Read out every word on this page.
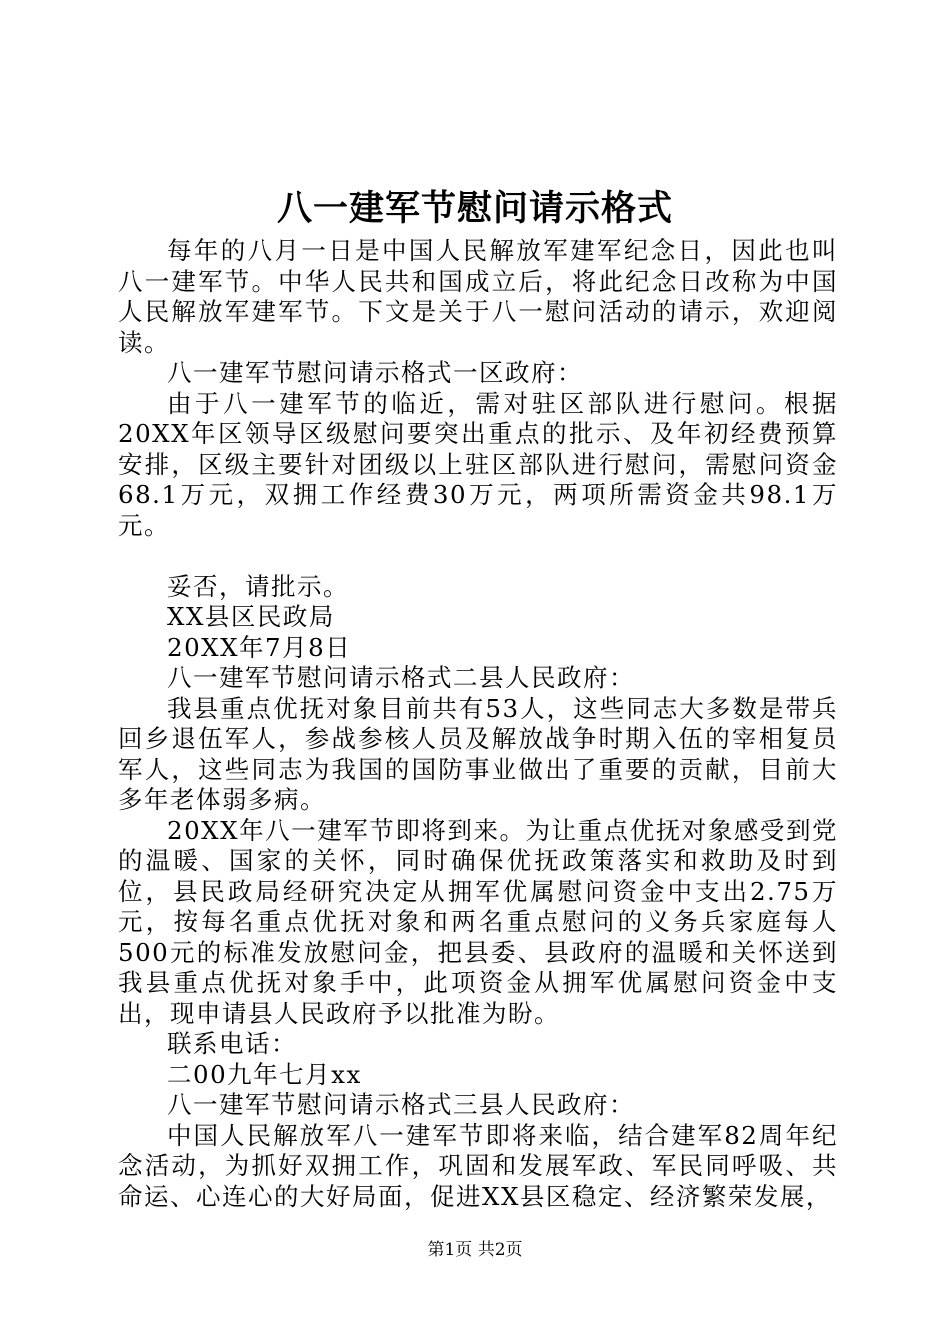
八一建军节慰问请示格式

每年的八月一日是中国人民解放军建军纪念日，因此也叫八一建军节。中华人民共和国成立后，将此纪念日改称为中国人民解放军建军节。下文是关于八一慰问活动的请示，欢迎阅读。

八一建军节慰问请示格式一区政府：

由于八一建军节的临近，需对驻区部队进行慰问。根据20XX年区领导区级慰问要突出重点的批示、及年初经费预算安排，区级主要针对团级以上驻区部队进行慰问，需慰问资金68.1万元，双拥工作经费30万元，两项所需资金共98.1万元。

妥否，请批示。

XX县区民政局

20XX年7月8日

八一建军节慰问请示格式二县人民政府：

我县重点优抚对象目前共有53人，这些同志大多数是带兵回乡退伍军人，参战参核人员及解放战争时期入伍的宰相复员军人，这些同志为我国的国防事业做出了重要的贡献，目前大多年老体弱多病。

20XX年八一建军节即将到来。为让重点优抚对象感受到党的温暖、国家的关怀，同时确保优抚政策落实和救助及时到位，县民政局经研究决定从拥军优属慰问资金中支出2.75万元，按每名重点优抚对象和两名重点慰问的义务兵家庭每人500元的标准发放慰问金，把县委、县政府的温暖和关怀送到我县重点优抚对象手中，此项资金从拥军优属慰问资金中支出，现申请县人民政府予以批准为盼。

联系电话：

二00九年七月xx

八一建军节慰问请示格式三县人民政府：

中国人民解放军八一建军节即将来临，结合建军82周年纪念活动，为抓好双拥工作，巩固和发展军政、军民同呼吸、共命运、心连心的大好局面，促进XX县区稳定、经济繁荣发展，

第1页 共2页
